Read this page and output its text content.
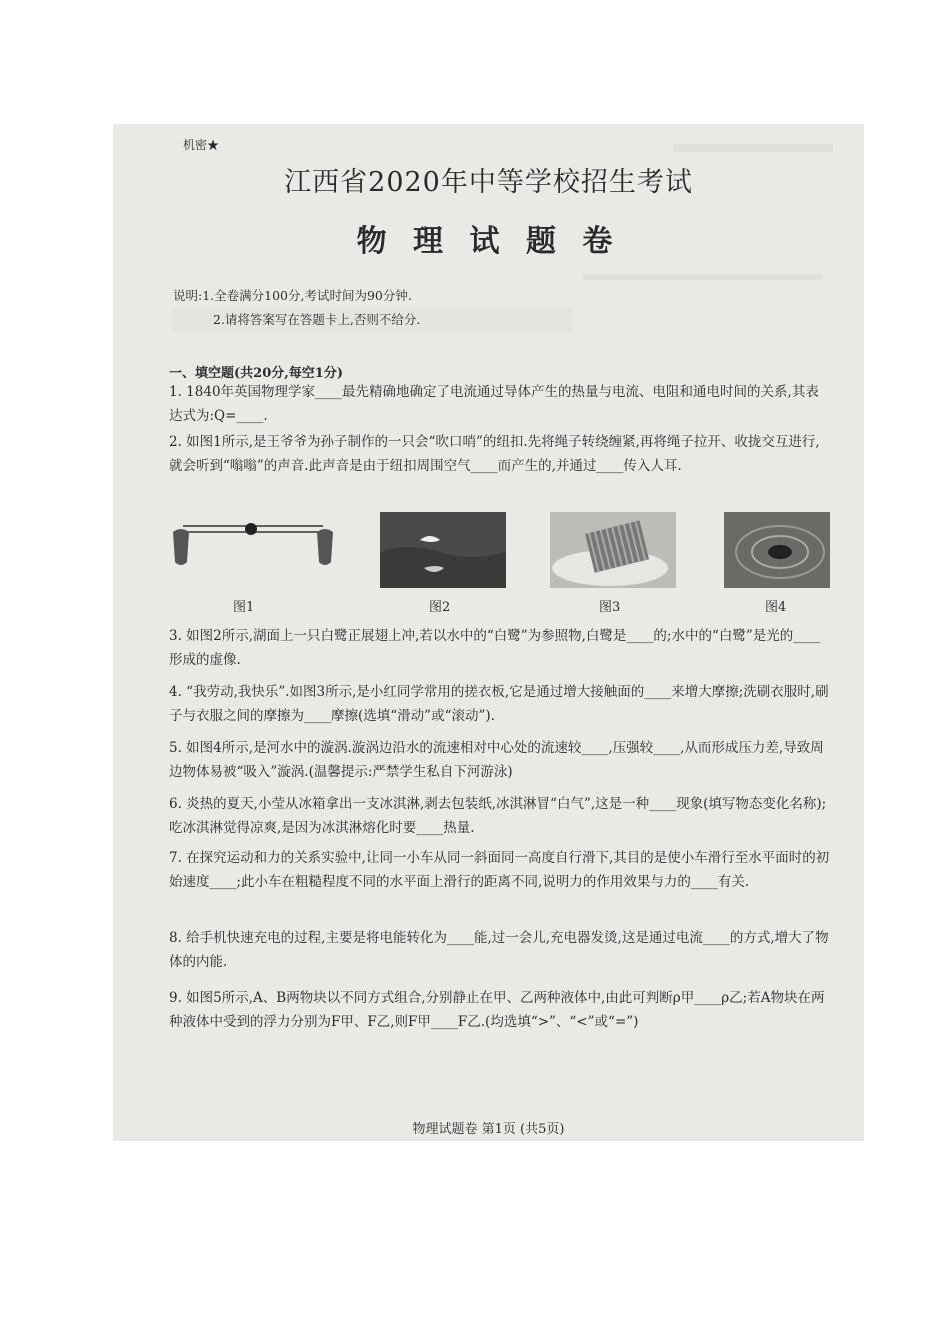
机密★
江西省2020年中等学校招生考试
物 理 试 题 卷
说明:1.全卷满分100分,考试时间为90分钟.
2.请将答案写在答题卡上,否则不给分.
一、填空题(共20分,每空1分)

1. 1840年英国物理学家____最先精确地确定了电流通过导体产生的热量与电流、电阻和通电时间的关系,其表达式为:Q=____.

2. 如图1所示,是王爷爷为孙子制作的一只会“吹口哨”的纽扣.先将绳子转绕缠紧,再将绳子拉开、收拢交互进行,就会听到“嗡嗡”的声音.此声音是由于纽扣周围空气____而产生的,并通过____传入人耳.

图1	图2	图3	图4

3. 如图2所示,湖面上一只白鹭正展翅上冲,若以水中的“白鹭”为参照物,白鹭是____的;水中的“白鹭”是光的____形成的虚像.

4. “我劳动,我快乐”.如图3所示,是小红同学常用的搓衣板,它是通过增大接触面的____来增大摩擦;洗刷衣服时,刷子与衣服之间的摩擦为____摩擦(选填“滑动”或“滚动”).

5. 如图4所示,是河水中的漩涡.漩涡边沿水的流速相对中心处的流速较____,压强较____,从而形成压力差,导致周边物体易被“吸入”漩涡.(温馨提示:严禁学生私自下河游泳)

6. 炎热的夏天,小莹从冰箱拿出一支冰淇淋,剥去包装纸,冰淇淋冒“白气”,这是一种____现象(填写物态变化名称);吃冰淇淋觉得凉爽,是因为冰淇淋熔化时要____热量.

7. 在探究运动和力的关系实验中,让同一小车从同一斜面同一高度自行滑下,其目的是使小车滑行至水平面时的初始速度____;此小车在粗糙程度不同的水平面上滑行的距离不同,说明力的作用效果与力的____有关.

8. 给手机快速充电的过程,主要是将电能转化为____能,过一会儿,充电器发烫,这是通过电流____的方式,增大了物体的内能.

9. 如图5所示,A、B两物块以不同方式组合,分别静止在甲、乙两种液体中,由此可判断ρ甲____ρ乙;若A物块在两种液体中受到的浮力分别为F甲、F乙,则F甲____F乙.(均选填“>”、“<”或“=”)

物理试题卷 第1页 (共5页)
